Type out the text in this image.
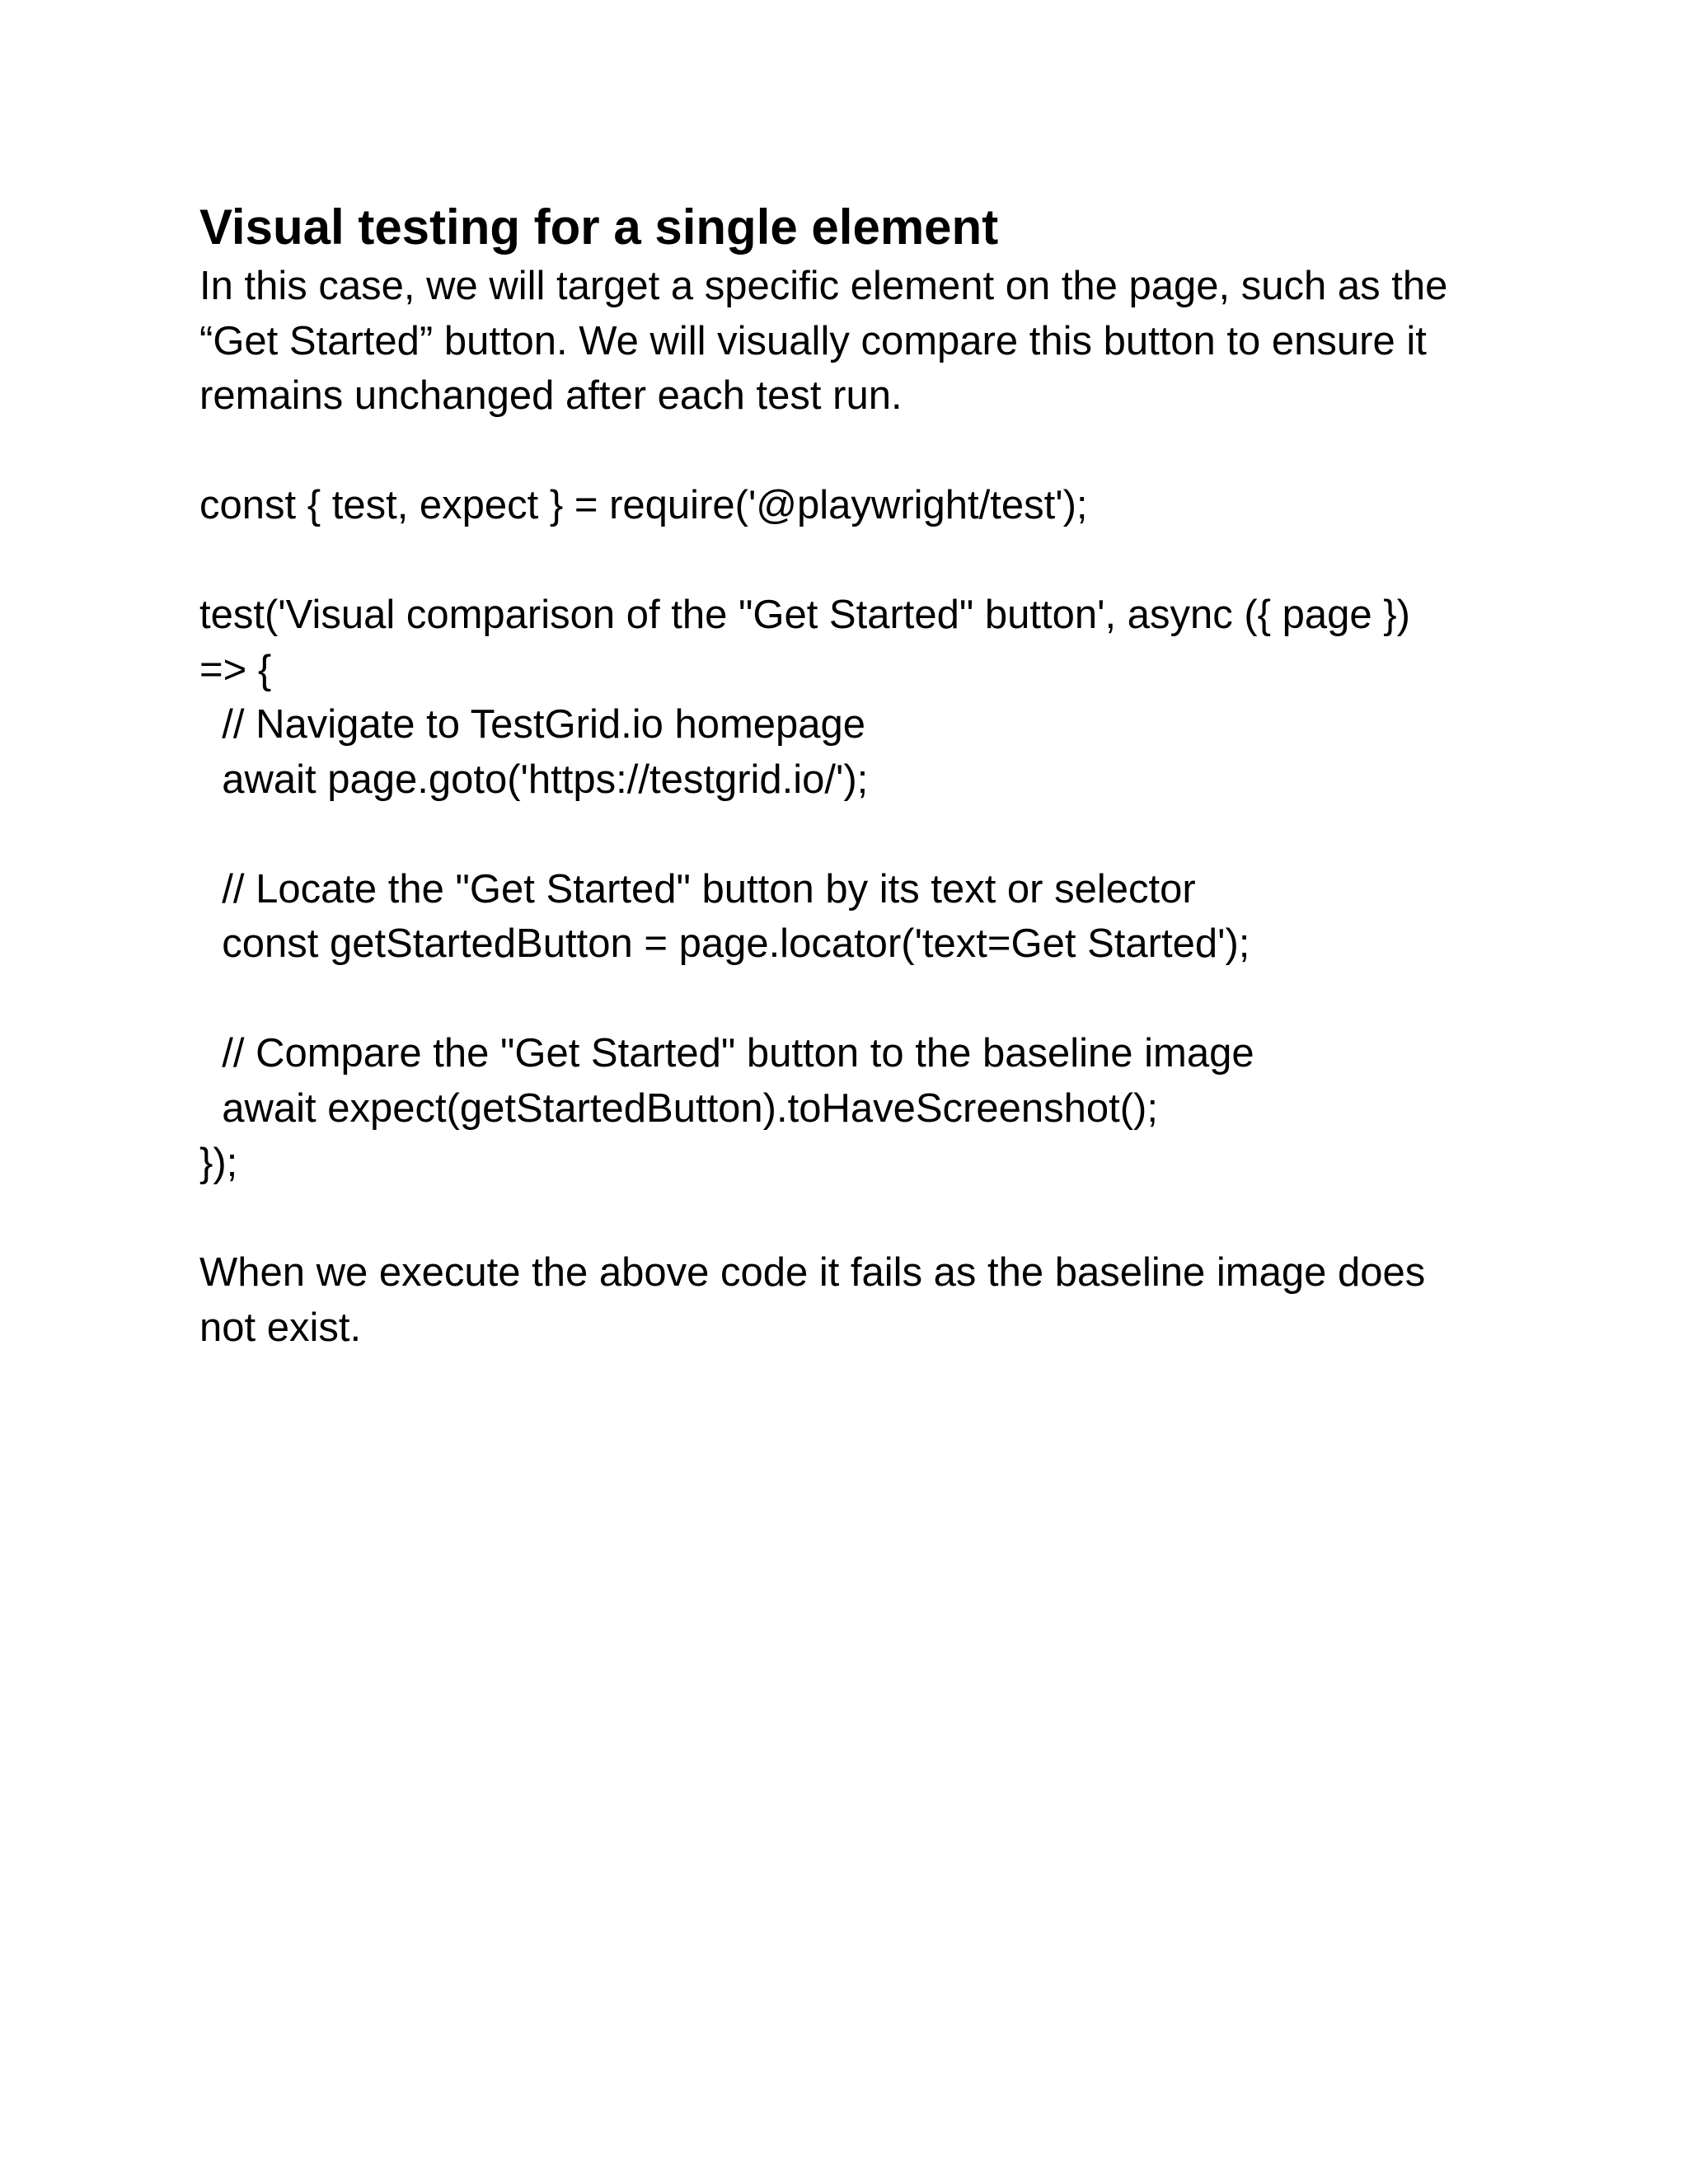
Visual testing for a single element
In this case, we will target a specific element on the page, such as the
“Get Started” button. We will visually compare this button to ensure it
remains unchanged after each test run.
const { test, expect } = require('@playwright/test');
test('Visual comparison of the "Get Started" button', async ({ page })
=> {
// Navigate to TestGrid.io homepage
await page.goto('https://testgrid.io/');
// Locate the "Get Started" button by its text or selector
const getStartedButton = page.locator('text=Get Started');
// Compare the "Get Started" button to the baseline image
await expect(getStartedButton).toHaveScreenshot();
});
When we execute the above code it fails as the baseline image does
not exist.
